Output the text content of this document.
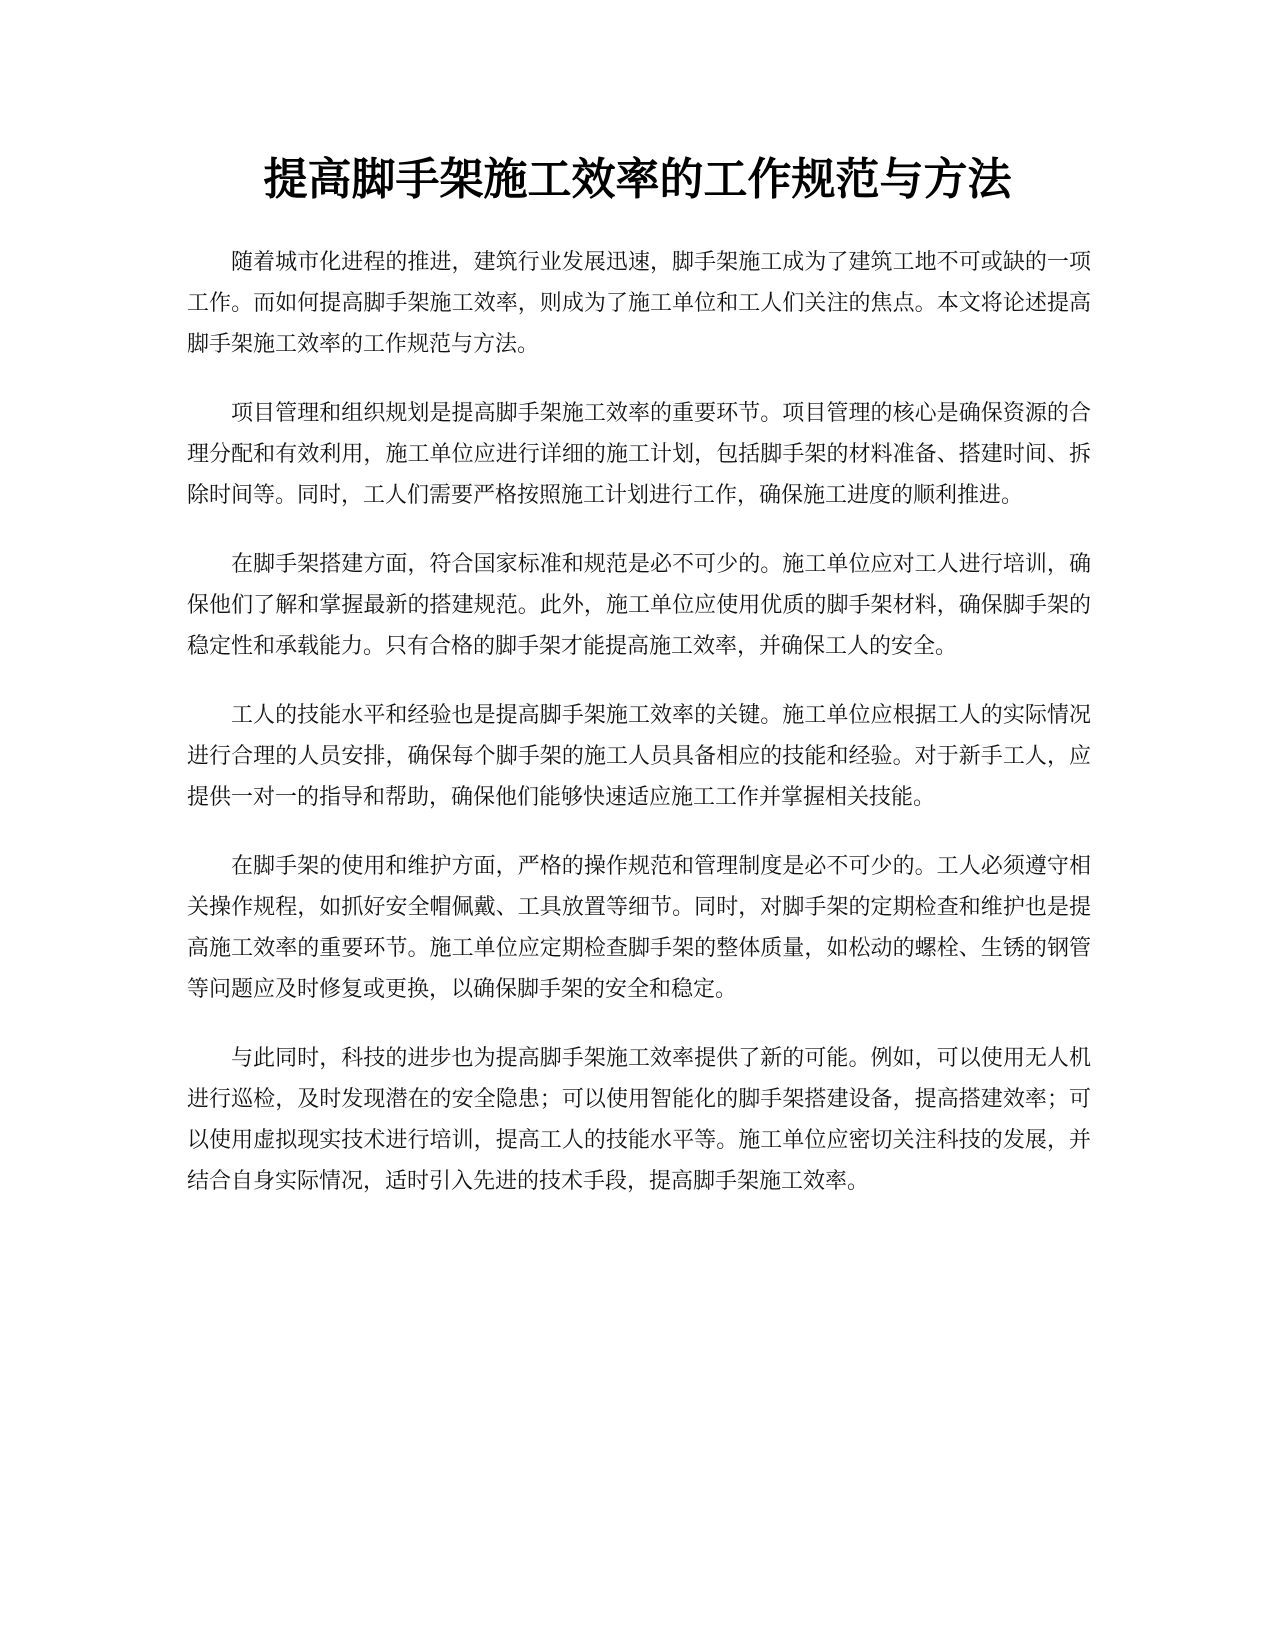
提高脚手架施工效率的工作规范与方法

随着城市化进程的推进，建筑行业发展迅速，脚手架施工成为了建筑工地不可或缺的一项工作。而如何提高脚手架施工效率，则成为了施工单位和工人们关注的焦点。本文将论述提高脚手架施工效率的工作规范与方法。

项目管理和组织规划是提高脚手架施工效率的重要环节。项目管理的核心是确保资源的合理分配和有效利用，施工单位应进行详细的施工计划，包括脚手架的材料准备、搭建时间、拆除时间等。同时，工人们需要严格按照施工计划进行工作，确保施工进度的顺利推进。

在脚手架搭建方面，符合国家标准和规范是必不可少的。施工单位应对工人进行培训，确保他们了解和掌握最新的搭建规范。此外，施工单位应使用优质的脚手架材料，确保脚手架的稳定性和承载能力。只有合格的脚手架才能提高施工效率，并确保工人的安全。

工人的技能水平和经验也是提高脚手架施工效率的关键。施工单位应根据工人的实际情况进行合理的人员安排，确保每个脚手架的施工人员具备相应的技能和经验。对于新手工人，应提供一对一的指导和帮助，确保他们能够快速适应施工工作并掌握相关技能。

在脚手架的使用和维护方面，严格的操作规范和管理制度是必不可少的。工人必须遵守相关操作规程，如抓好安全帽佩戴、工具放置等细节。同时，对脚手架的定期检查和维护也是提高施工效率的重要环节。施工单位应定期检查脚手架的整体质量，如松动的螺栓、生锈的钢管等问题应及时修复或更换，以确保脚手架的安全和稳定。

与此同时，科技的进步也为提高脚手架施工效率提供了新的可能。例如，可以使用无人机进行巡检，及时发现潜在的安全隐患；可以使用智能化的脚手架搭建设备，提高搭建效率；可以使用虚拟现实技术进行培训，提高工人的技能水平等。施工单位应密切关注科技的发展，并结合自身实际情况，适时引入先进的技术手段，提高脚手架施工效率。
